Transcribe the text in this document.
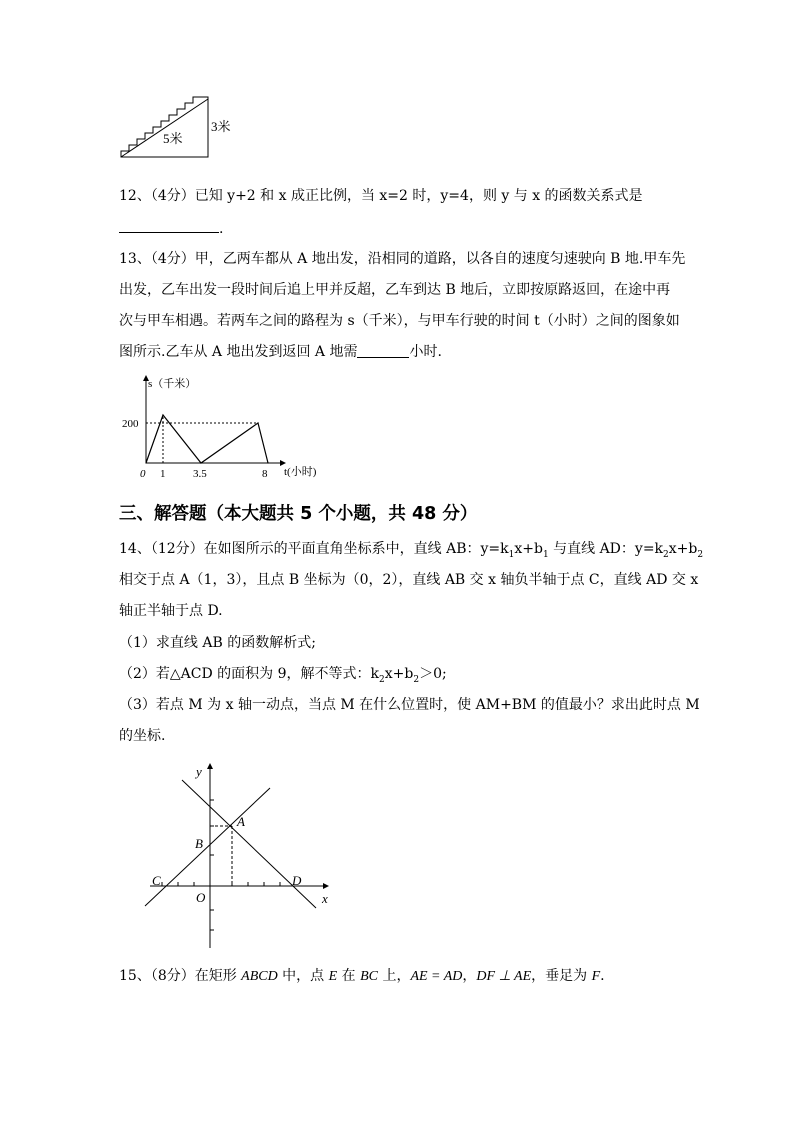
5米
3米
12、（4分）已知 y+2 和 x 成正比例，当 x=2 时，y=4，则 y 与 x 的函数关系式是
.
13、（4分）甲，乙两车都从 A 地出发，沿相同的道路，以各自的速度匀速驶向 B 地.甲车先
出发，乙车出发一段时间后追上甲并反超，乙车到达 B 地后，立即按原路返回，在途中再
次与甲车相遇。若两车之间的路程为 s（千米），与甲车行驶的时间 t（小时）之间的图象如
图所示.乙车从 A 地出发到返回 A 地需	小时.
s（千米）
t(小时)
200
0 1	3.5	8
三、解答题（本大题共 5 个小题，共 48 分）
14、（12分）在如图所示的平面直角坐标系中，直线 AB：$y=k_1x+b_1$ 与直线 AD：$y=k_2x+b_2$
相交于点 A（1，3），且点 B 坐标为（0，2），直线 AB 交 x 轴负半轴于点 C，直线 AD 交 x
轴正半轴于点 D.
（1）求直线 AB 的函数解析式;
（2）若△ACD 的面积为 9，解不等式：$k_2x+b_2>0$;
（3）若点 M 为 x 轴一动点，当点 M 在什么位置时，使 AM+BM 的值最小？求出此时点 M
的坐标.
y
x
A
B
C	D
O
15、（8分）在矩形 ABCD 中，点 E 在 BC 上，AE = AD，DF ⊥ AE，垂足为 F.
